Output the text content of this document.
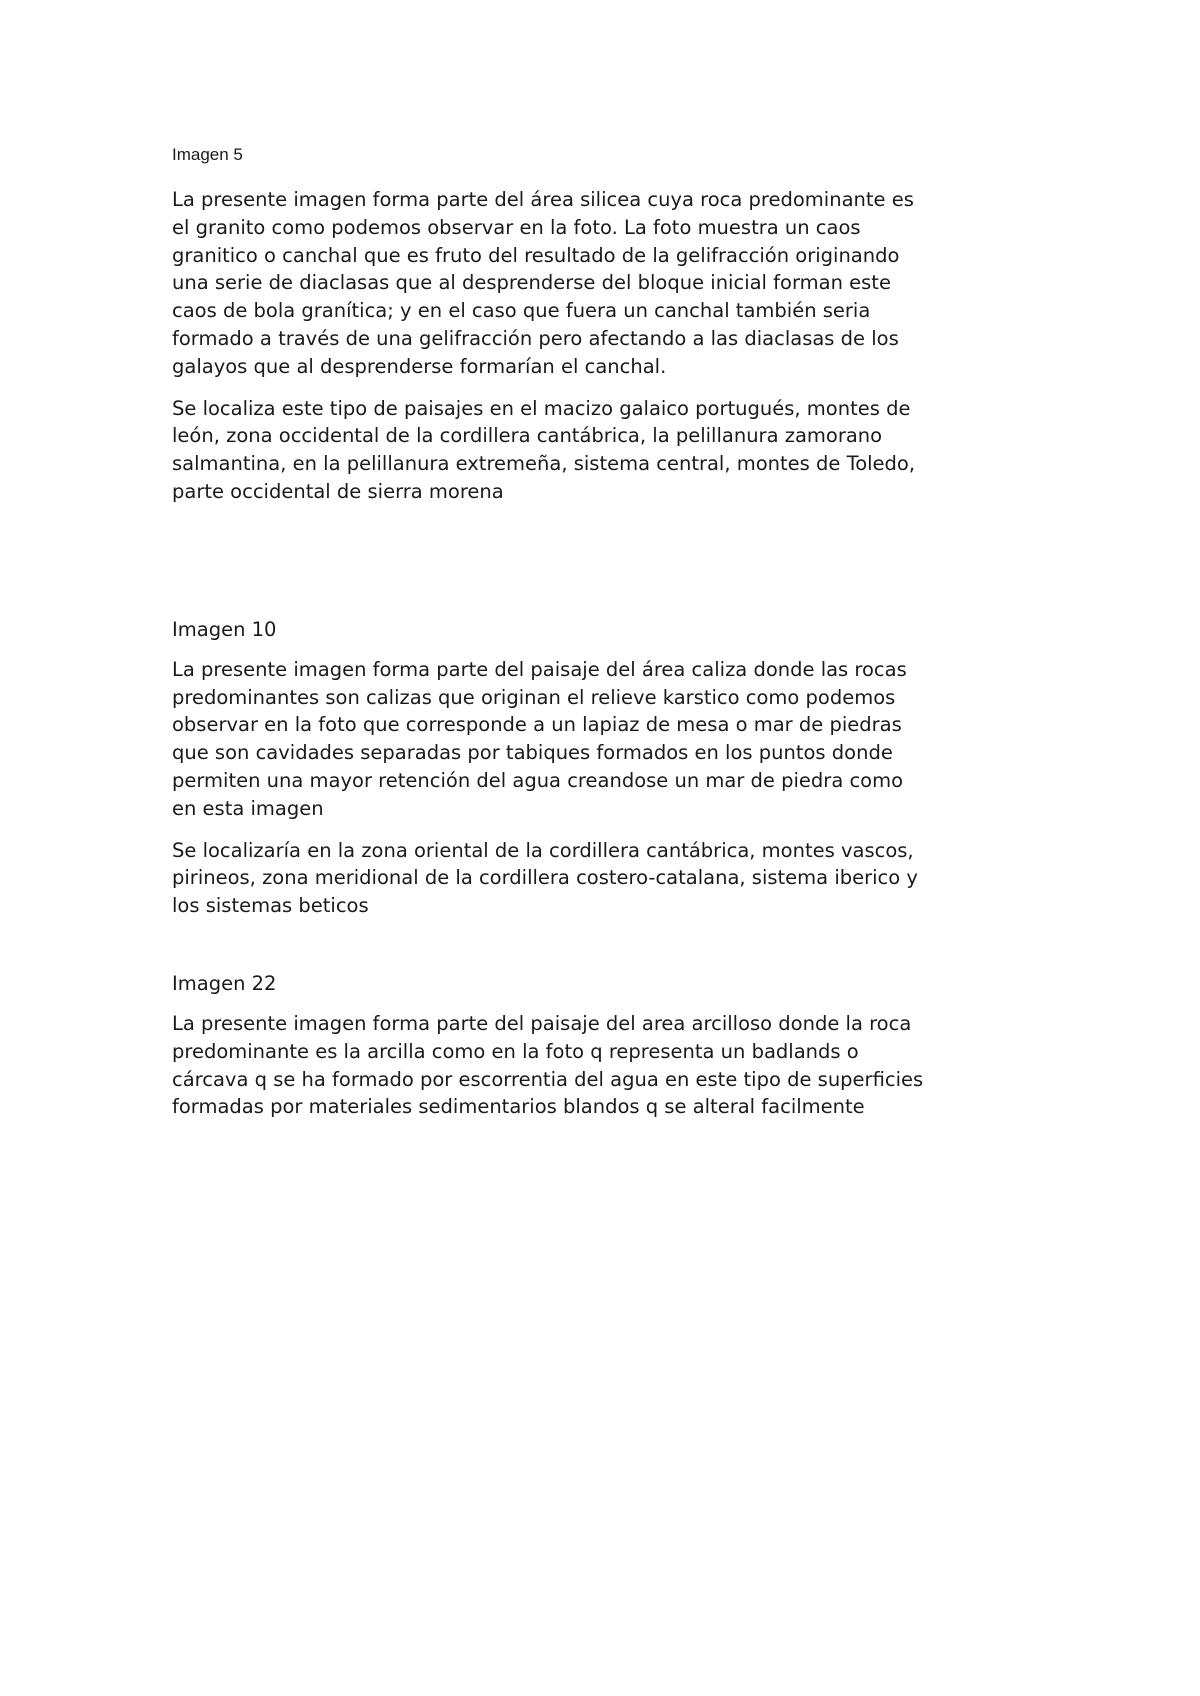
Imagen 5

La presente imagen forma parte del área silicea cuya roca predominante es
el granito como podemos observar en la foto. La foto muestra un caos
granitico o canchal que es fruto del resultado de la gelifracción originando
una serie de diaclasas que al desprenderse del bloque inicial forman este
caos de bola granítica; y en el caso que fuera un canchal también seria
formado a través de una gelifracción pero afectando a las diaclasas de los
galayos que al desprenderse formarían el canchal.

Se localiza este tipo de paisajes en el macizo galaico portugués, montes de
león, zona occidental de la cordillera cantábrica, la pelillanura zamorano
salmantina, en la pelillanura extremeña, sistema central, montes de Toledo,
parte occidental de sierra morena

Imagen 10

La presente imagen forma parte del paisaje del área caliza donde las rocas
predominantes son calizas que originan el relieve karstico como podemos
observar en la foto que corresponde a un lapiaz de mesa o mar de piedras
que son cavidades separadas por tabiques formados en los puntos donde
permiten una mayor retención del agua creandose un mar de piedra como
en esta imagen

Se localizaría en la zona oriental de la cordillera cantábrica, montes vascos,
pirineos, zona meridional de la cordillera costero-catalana, sistema iberico y
los sistemas beticos

Imagen 22

La presente imagen forma parte del paisaje del area arcilloso donde la roca
predominante es la arcilla como en la foto q representa un badlands o
cárcava q se ha formado por escorrentia del agua en este tipo de superficies
formadas por materiales sedimentarios blandos q se alteral facilmente
